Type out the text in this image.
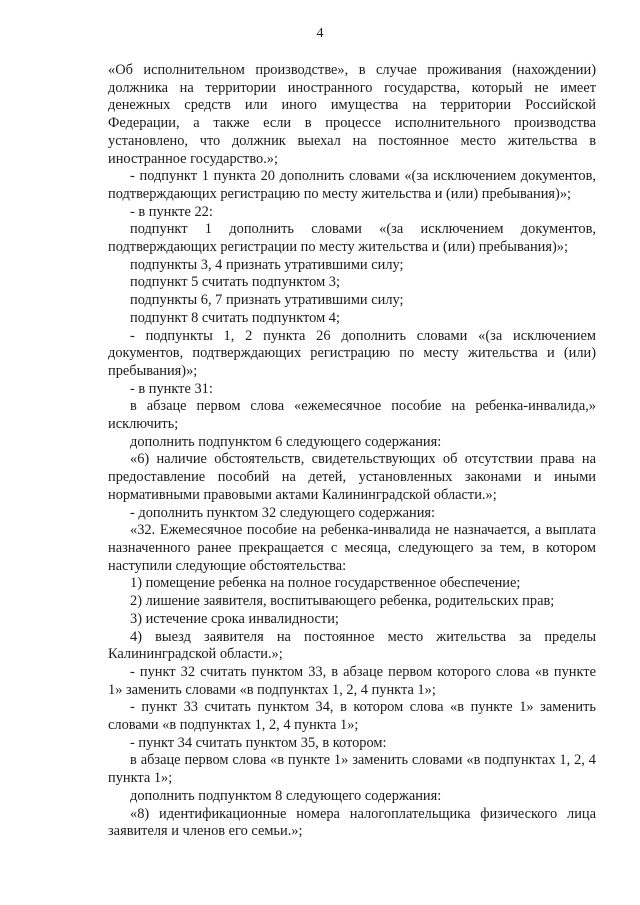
4

«Об исполнительном производстве», в случае проживания (нахождении) должника на территории иностранного государства, который не имеет денежных средств или иного имущества на территории Российской Федерации, а также если в процессе исполнительного производства установлено, что должник выехал на постоянное место жительства в иностранное государство.»;

- подпункт 1 пункта 20 дополнить словами «(за исключением документов, подтверждающих регистрацию по месту жительства и (или) пребывания)»;

- в пункте 22:

подпункт 1 дополнить словами «(за исключением документов, подтверждающих регистрации по месту жительства и (или) пребывания)»;

подпункты 3, 4 признать утратившими силу;

подпункт 5 считать подпунктом 3;

подпункты 6, 7 признать утратившими силу;

подпункт 8 считать подпунктом 4;

- подпункты 1, 2 пункта 26 дополнить словами «(за исключением документов, подтверждающих регистрацию по месту жительства и (или) пребывания)»;

- в пункте 31:

в абзаце первом слова «ежемесячное пособие на ребенка-инвалида,» исключить;

дополнить подпунктом 6 следующего содержания:

«6) наличие обстоятельств, свидетельствующих об отсутствии права на предоставление пособий на детей, установленных законами и иными нормативными правовыми актами Калининградской области.»;

- дополнить пунктом 32 следующего содержания:

«32. Ежемесячное пособие на ребенка-инвалида не назначается, а выплата назначенного ранее прекращается с месяца, следующего за тем, в котором наступили следующие обстоятельства:

1) помещение ребенка на полное государственное обеспечение;

2) лишение заявителя, воспитывающего ребенка, родительских прав;

3) истечение срока инвалидности;

4) выезд заявителя на постоянное место жительства за пределы Калининградской области.»;

- пункт 32 считать пунктом 33, в абзаце первом которого слова «в пункте 1» заменить словами «в подпунктах 1, 2, 4 пункта 1»;

- пункт 33 считать пунктом 34, в котором слова «в пункте 1» заменить словами «в подпунктах 1, 2, 4 пункта 1»;

- пункт 34 считать пунктом 35, в котором:

в абзаце первом слова «в пункте 1» заменить словами «в подпунктах 1, 2, 4 пункта 1»;

дополнить подпунктом 8 следующего содержания:

«8) идентификационные номера налогоплательщика физического лица заявителя и членов его семьи.»;
